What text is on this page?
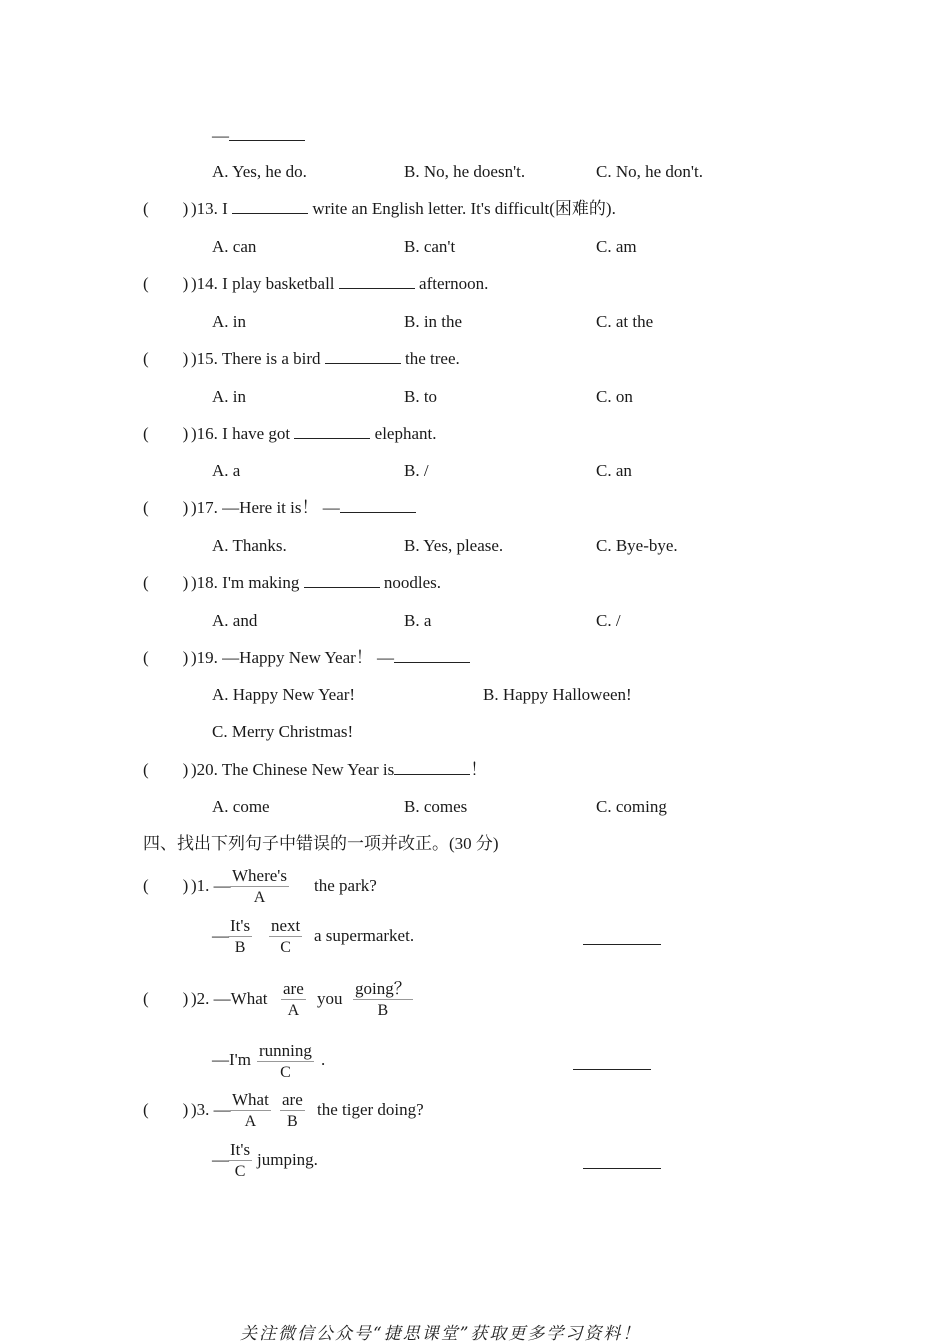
—
A. Yes, he do.	B. No, he doesn't.	C. No, he don't.
(        ) )13. I	write an English letter. It's difficult(困难的).
A. can	B. can't	C. am
(        ) )14. I play basketball	afternoon.
A. in	B. in the	C. at the
(        ) )15. There is a bird	the tree.
A. in	B. to	C. on
(        ) )16. I have got	elephant.
A. a	B. /	C. an
(        ) )17. —Here it is！ —
A. Thanks.	B. Yes, please.	C. Bye-bye.
(        ) )18. I'm making	noodles.
A. and	B. a	C. /
(        ) )19. —Happy New Year！ —
A. Happy New Year!	B. Happy Halloween!
C. Merry Christmas!
(        ) )20. The Chinese New Year is	！
A. come	B. comes	C. coming
四、找出下列句子中错误的一项并改正。(30 分)
(        ) )1. —
Where's
A
the park?
—
It's
B
next
C
a supermarket.
(        ) )2. —What
are
A
you
going？
B
—I'm running
C
.
(        ) )3. —
What
A
are
B
the tiger doing?
—
It's
C
jumping.
关注微信公众号“捷思课堂”获取更多学习资料！
